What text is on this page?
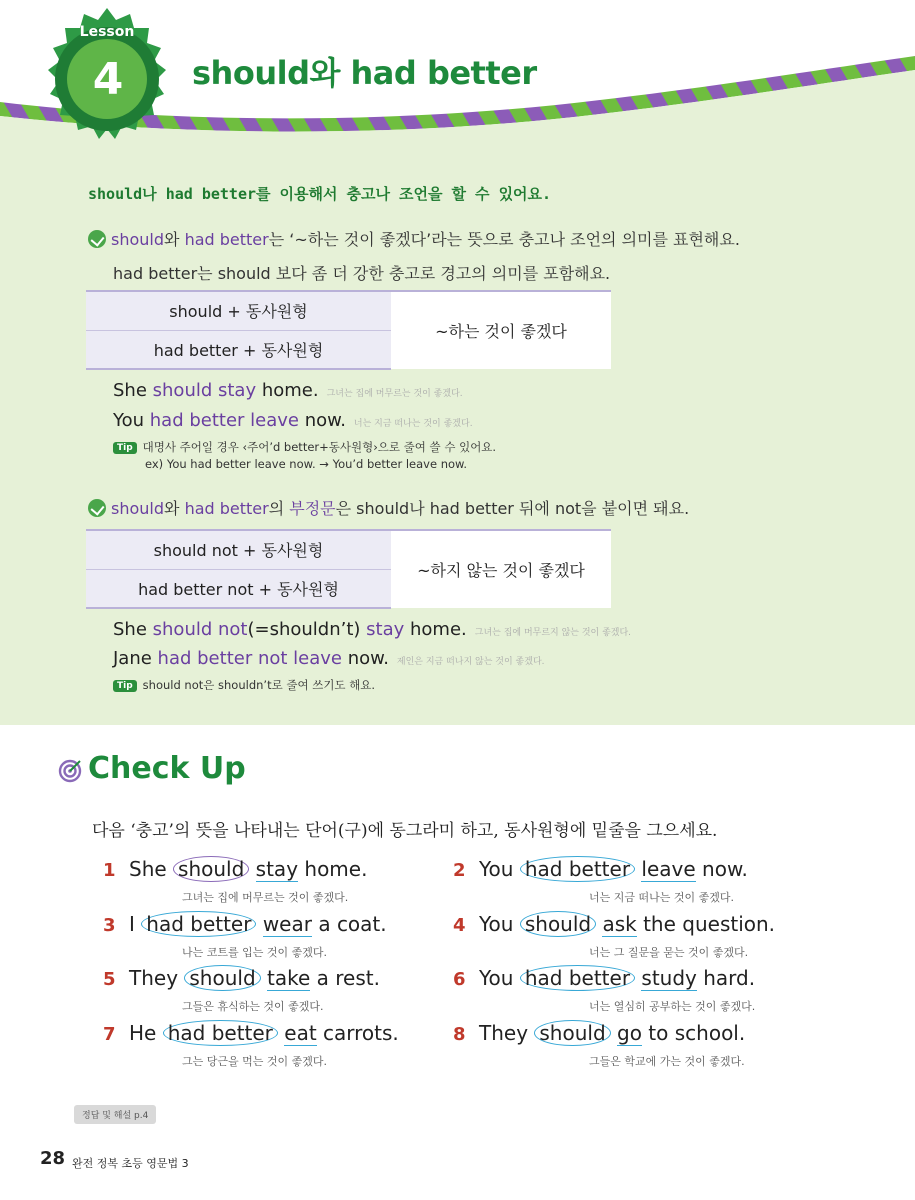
Lesson
4	should와 had better
should나 had better를 이용해서 충고나 조언을 할 수 있어요.
should와 had better는 ‘~하는 것이 좋겠다’라는 뜻으로 충고나 조언의 의미를 표현해요.
had better는 should 보다 좀 더 강한 충고로 경고의 의미를 포함해요.
should + 동사원형	~하는 것이 좋겠다
had better + 동사원형
She should stay home. 그녀는 집에 머무르는 것이 좋겠다.
You had better leave now. 너는 지금 떠나는 것이 좋겠다.
Tip 대명사 주어일 경우 ‹주어’d better+동사원형›으로 줄여 쓸 수 있어요.
ex) You had better leave now. → You’d better leave now.
should와 had better의 부정문은 should나 had better 뒤에 not을 붙이면 돼요.
should not + 동사원형	~하지 않는 것이 좋겠다
had better not + 동사원형
She should not(=shouldn’t) stay home. 그녀는 집에 머무르지 않는 것이 좋겠다.
Jane had better not leave now. 제인은 지금 떠나지 않는 것이 좋겠다.
Tip should not은 shouldn’t로 줄여 쓰기도 해요.
Check Up
다음 ‘충고’의 뜻을 나타내는 단어(구)에 동그라미 하고, 동사원형에 밑줄을 그으세요.
1 She should stay home.
그녀는 집에 머무르는 것이 좋겠다.
3 I had better wear a coat.
나는 코트를 입는 것이 좋겠다.
5 They should take a rest.
그들은 휴식하는 것이 좋겠다.
7 He had better eat carrots.
그는 당근을 먹는 것이 좋겠다.
2 You had better leave now.
너는 지금 떠나는 것이 좋겠다.
4 You should ask the question.
너는 그 질문을 묻는 것이 좋겠다.
6 You had better study hard.
너는 열심히 공부하는 것이 좋겠다.
8 They should go to school.
그들은 학교에 가는 것이 좋겠다.
정답 및 해설 p.4
28 완전 정복 초등 영문법 3
